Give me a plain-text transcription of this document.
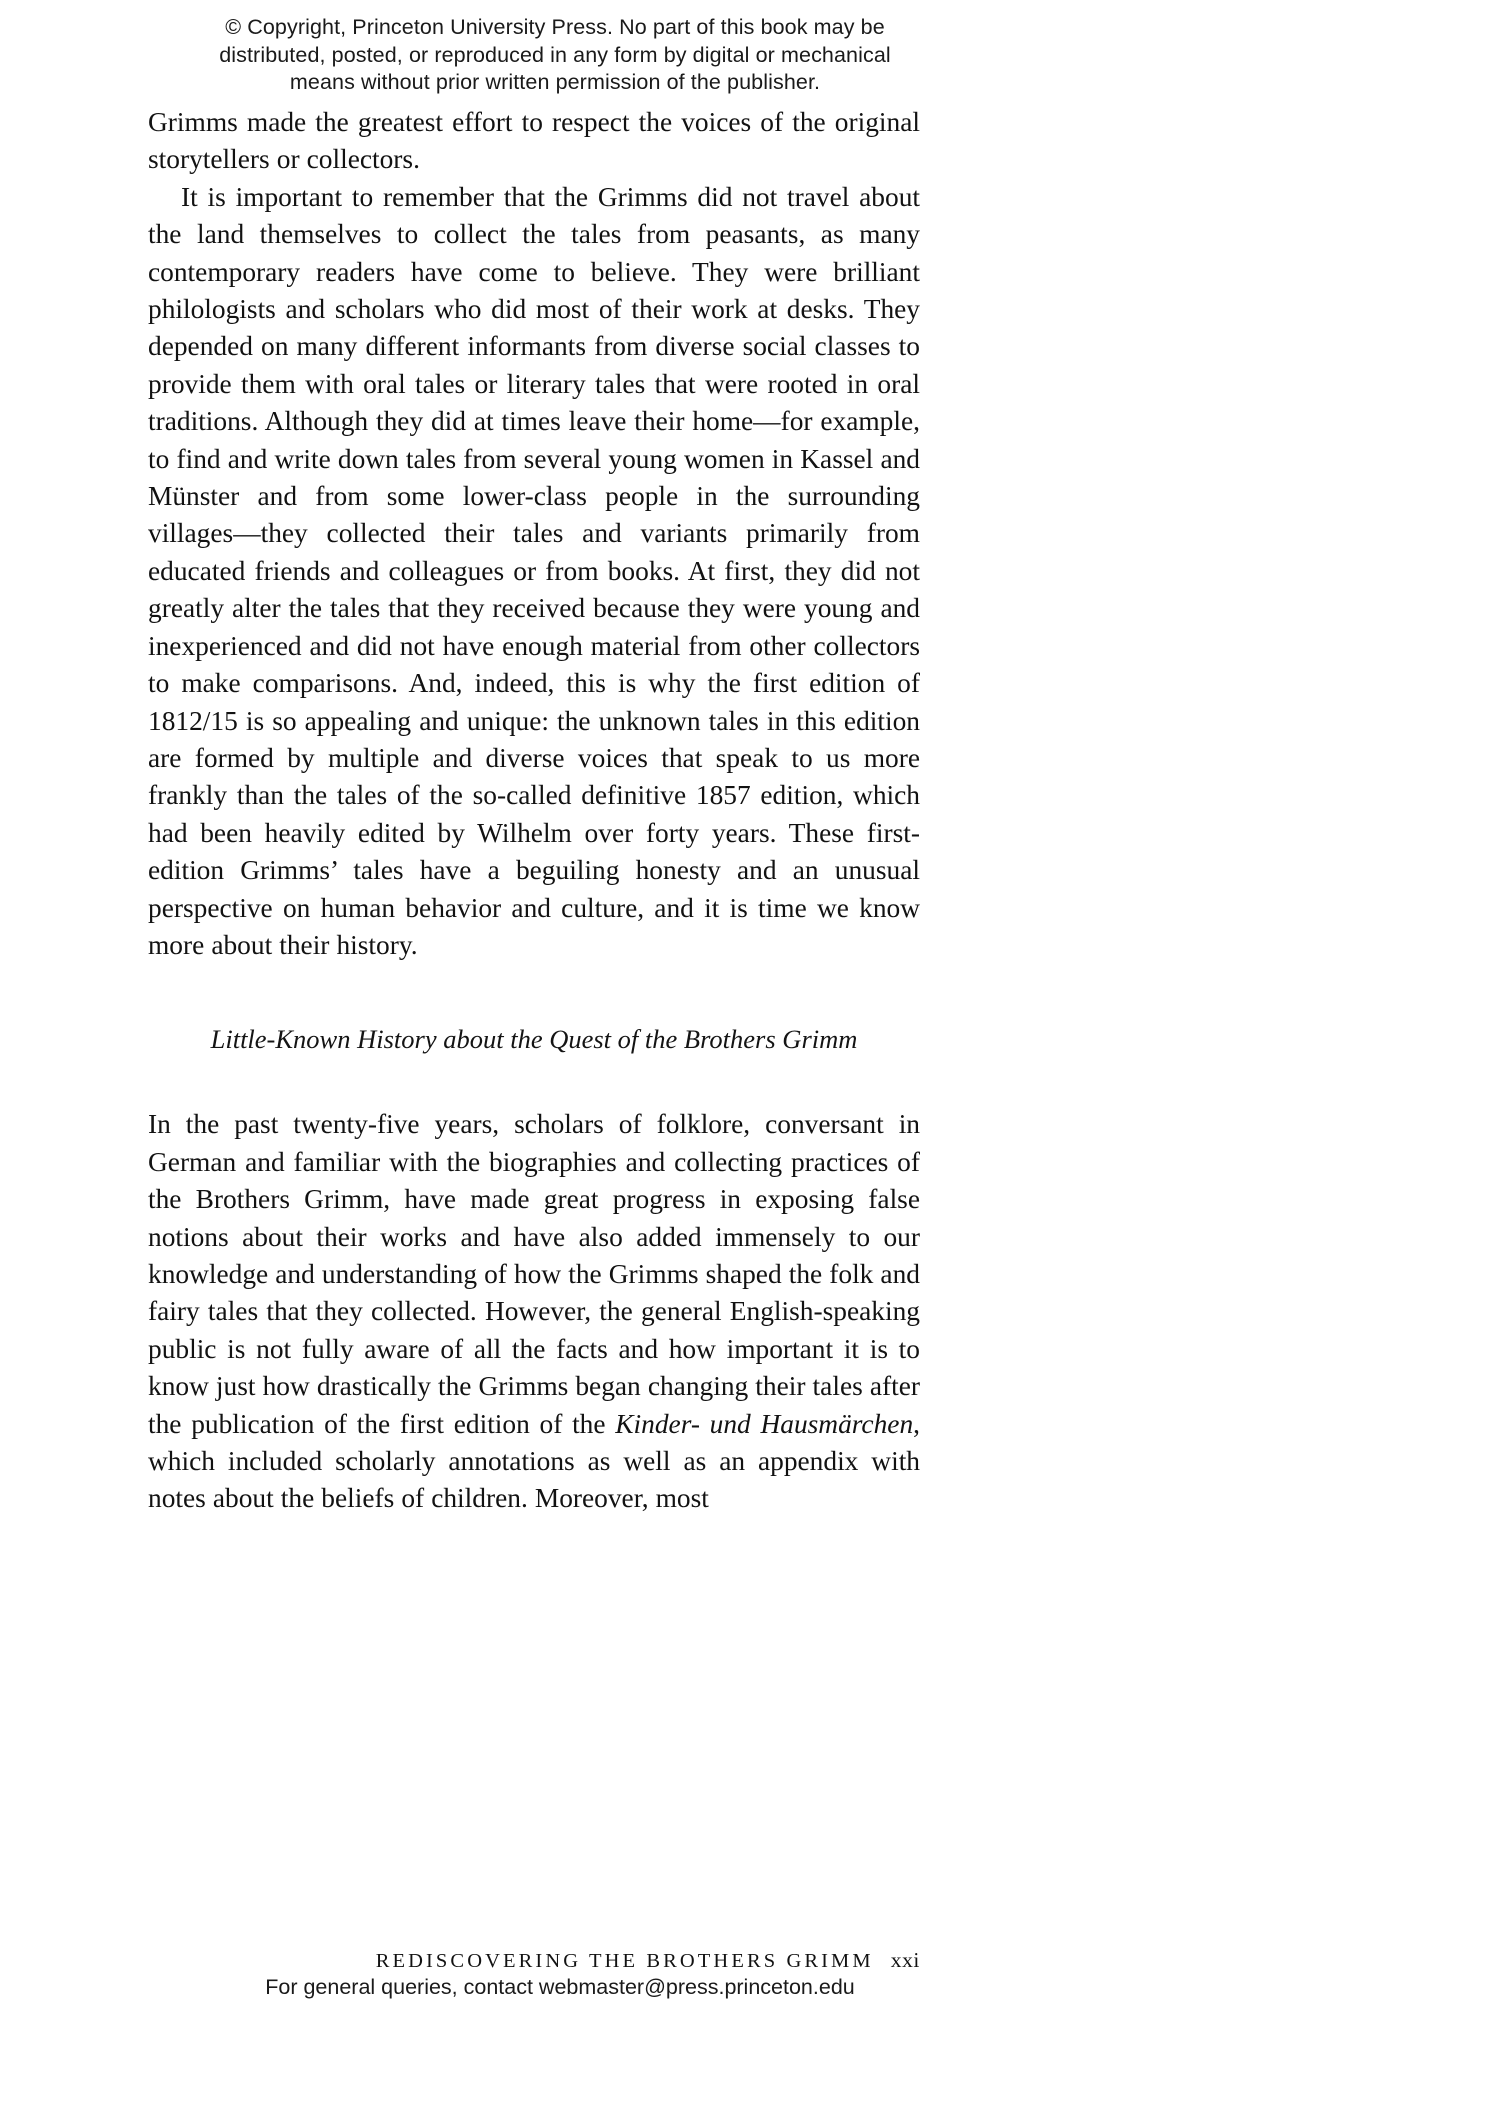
© Copyright, Princeton University Press. No part of this book may be
distributed, posted, or reproduced in any form by digital or mechanical
means without prior written permission of the publisher.

Grimms made the greatest effort to respect the voices of the original storytellers or collectors.

It is important to remember that the Grimms did not travel about the land themselves to collect the tales from peasants, as many contemporary readers have come to believe. They were brilliant philologists and scholars who did most of their work at desks. They depended on many different informants from diverse social classes to provide them with oral tales or literary tales that were rooted in oral traditions. Although they did at times leave their home—for example, to find and write down tales from several young women in Kassel and Münster and from some lower-class people in the surrounding villages—they collected their tales and variants primarily from educated friends and colleagues or from books. At first, they did not greatly alter the tales that they received because they were young and inexperienced and did not have enough material from other collectors to make comparisons. And, indeed, this is why the first edition of 1812/15 is so appealing and unique: the unknown tales in this edition are formed by multiple and diverse voices that speak to us more frankly than the tales of the so-called definitive 1857 edition, which had been heavily edited by Wilhelm over forty years. These first-edition Grimms’ tales have a beguiling honesty and an unusual perspective on human behavior and culture, and it is time we know more about their history.

Little-Known History about the Quest of the Brothers Grimm

In the past twenty-five years, scholars of folklore, conversant in German and familiar with the biographies and collecting practices of the Brothers Grimm, have made great progress in exposing false notions about their works and have also added immensely to our knowledge and understanding of how the Grimms shaped the folk and fairy tales that they collected. However, the general English-speaking public is not fully aware of all the facts and how important it is to know just how drastically the Grimms began changing their tales after the publication of the first edition of the Kinder- und Hausmärchen, which included scholarly annotations as well as an appendix with notes about the beliefs of children. Moreover, most

REDISCOVERING THE BROTHERS GRIMM xxi
For general queries, contact webmaster@press.princeton.edu
